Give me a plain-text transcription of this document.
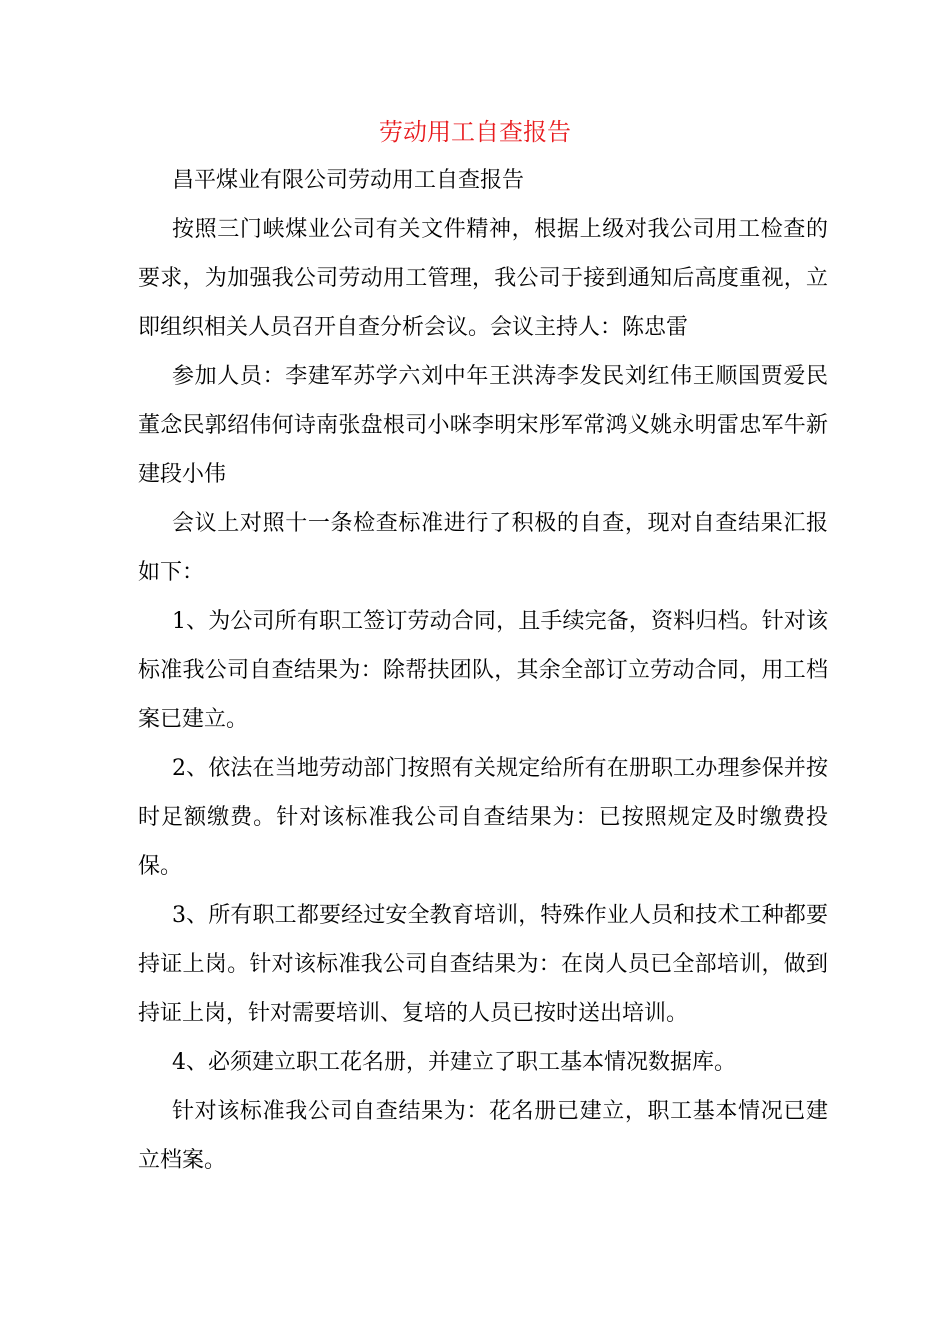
劳动用工自查报告

昌平煤业有限公司劳动用工自查报告

按照三门峡煤业公司有关文件精神，根据上级对我公司用工检查的要求，为加强我公司劳动用工管理，我公司于接到通知后高度重视，立即组织相关人员召开自查分析会议。会议主持人：陈忠雷

参加人员：李建军苏学六刘中年王洪涛李发民刘红伟王顺国贾爱民董念民郭绍伟何诗南张盘根司小咪李明宋彤军常鸿义姚永明雷忠军牛新建段小伟

会议上对照十一条检查标准进行了积极的自查，现对自查结果汇报如下：

1、为公司所有职工签订劳动合同，且手续完备，资料归档。针对该标准我公司自查结果为：除帮扶团队，其余全部订立劳动合同，用工档案已建立。

2、依法在当地劳动部门按照有关规定给所有在册职工办理参保并按时足额缴费。针对该标准我公司自查结果为：已按照规定及时缴费投保。

3、所有职工都要经过安全教育培训，特殊作业人员和技术工种都要持证上岗。针对该标准我公司自查结果为：在岗人员已全部培训，做到持证上岗，针对需要培训、复培的人员已按时送出培训。

4、必须建立职工花名册，并建立了职工基本情况数据库。

针对该标准我公司自查结果为：花名册已建立，职工基本情况已建立档案。
